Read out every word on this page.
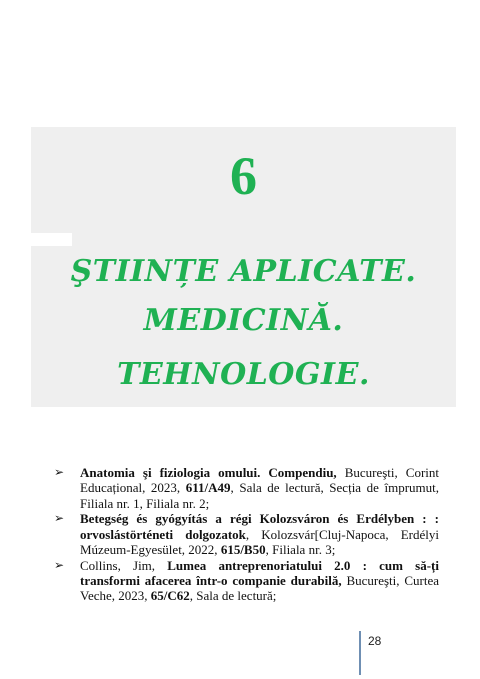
6
ŞTIINȚE APLICATE.
MEDICINĂ.
TEHNOLOGIE.
➢ Anatomia şi fiziologia omului. Compendiu, Bucureşti, Corint Educațional, 2023, 611/A49, Sala de lectură, Secția de împrumut, Filiala nr. 1, Filiala nr. 2;
➢ Betegség és gyógyítás a régi Kolozsváron és Erdélyben : : orvoslástörténeti dolgozatok, Kolozsvár[Cluj-Napoca, Erdélyi Múzeum-Egyesület, 2022, 615/B50, Filiala nr. 3;
➢ Collins, Jim, Lumea antreprenoriatului 2.0 : cum să-ți transformi afacerea într-o companie durabilă, Bucureşti, Curtea Veche, 2023, 65/C62, Sala de lectură;
28
